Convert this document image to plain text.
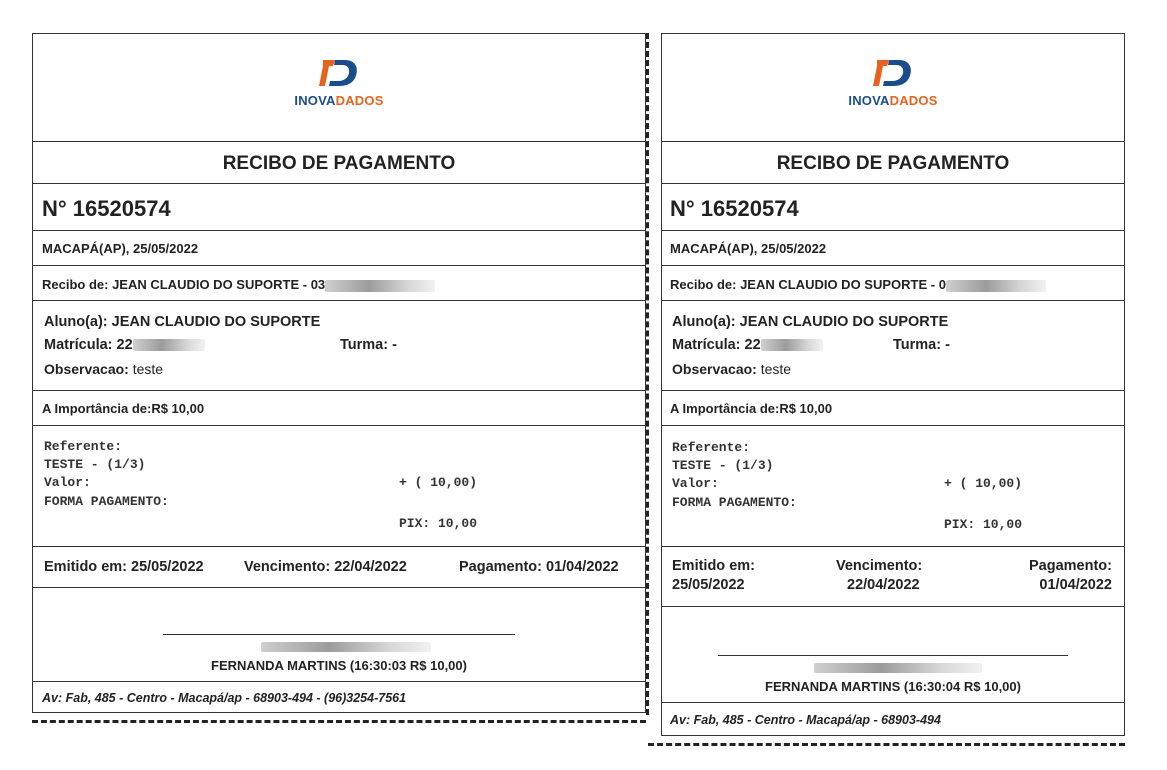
INOVADADOS
RECIBO DE PAGAMENTO
N° 16520574
MACAPÁ(AP), 25/05/2022
Recibo de: JEAN CLAUDIO DO SUPORTE - 03
Aluno(a): JEAN CLAUDIO DO SUPORTE
Matrícula: 22	Turma: -
Observacao: teste
A Importância de:R$ 10,00
Referente:
TESTE - (1/3)
Valor:	+ ( 10,00)
FORMA PAGAMENTO:
PIX: 10,00
Emitido em: 25/05/2022	Vencimento: 22/04/2022	Pagamento: 01/04/2022
FERNANDA MARTINS (16:30:03 R$ 10,00)
Av: Fab, 485 - Centro - Macapá/ap - 68903-494 - (96)3254-7561
INOVADADOS
RECIBO DE PAGAMENTO
N° 16520574
MACAPÁ(AP), 25/05/2022
Recibo de: JEAN CLAUDIO DO SUPORTE - 0
Aluno(a): JEAN CLAUDIO DO SUPORTE
Matrícula: 22	Turma: -
Observacao: teste
A Importância de:R$ 10,00
Referente:
TESTE - (1/3)
Valor:	+ ( 10,00)
FORMA PAGAMENTO:
PIX: 10,00
Emitido em:
25/05/2022
Vencimento:
22/04/2022
Pagamento:
01/04/2022
FERNANDA MARTINS (16:30:04 R$ 10,00)
Av: Fab, 485 - Centro - Macapá/ap - 68903-494
